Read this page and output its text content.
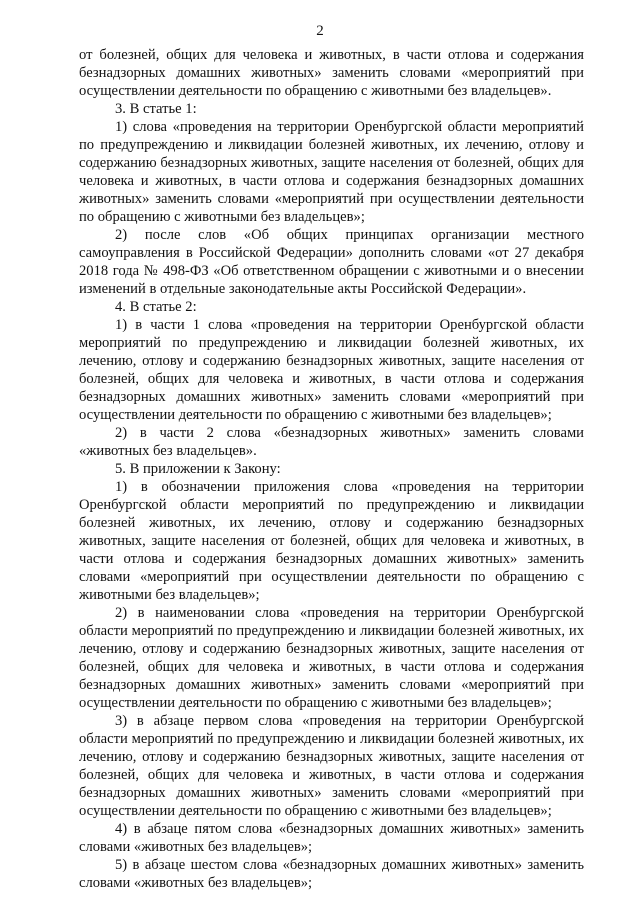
2

от болезней, общих для человека и животных, в части отлова и содержания безнадзорных домашних животных» заменить словами «мероприятий при осуществлении деятельности по обращению с животными без владельцев».

3. В статье 1:

1) слова «проведения на территории Оренбургской области мероприятий по предупреждению и ликвидации болезней животных, их лечению, отлову и содержанию безнадзорных животных, защите населения от болезней, общих для человека и животных, в части отлова и содержания безнадзорных домашних животных» заменить словами «мероприятий при осуществлении деятельности по обращению с животными без владельцев»;

2) после слов «Об общих принципах организации местного самоуправления в Российской Федерации» дополнить словами «от 27 декабря 2018 года № 498-ФЗ «Об ответственном обращении с животными и о внесении изменений в отдельные законодательные акты Российской Федерации».

4. В статье 2:

1) в части 1 слова «проведения на территории Оренбургской области мероприятий по предупреждению и ликвидации болезней животных, их лечению, отлову и содержанию безнадзорных животных, защите населения от болезней, общих для человека и животных, в части отлова и содержания безнадзорных домашних животных» заменить словами «мероприятий при осуществлении деятельности по обращению с животными без владельцев»;

2) в части 2 слова «безнадзорных животных» заменить словами «животных без владельцев».

5. В приложении к Закону:

1) в обозначении приложения слова «проведения на территории Оренбургской области мероприятий по предупреждению и ликвидации болезней животных, их лечению, отлову и содержанию безнадзорных животных, защите населения от болезней, общих для человека и животных, в части отлова и содержания безнадзорных домашних животных» заменить словами «мероприятий при осуществлении деятельности по обращению с животными без владельцев»;

2) в наименовании слова «проведения на территории Оренбургской области мероприятий по предупреждению и ликвидации болезней животных, их лечению, отлову и содержанию безнадзорных животных, защите населения от болезней, общих для человека и животных, в части отлова и содержания безнадзорных домашних животных» заменить словами «мероприятий при осуществлении деятельности по обращению с животными без владельцев»;

3) в абзаце первом слова «проведения на территории Оренбургской области мероприятий по предупреждению и ликвидации болезней животных, их лечению, отлову и содержанию безнадзорных животных, защите населения от болезней, общих для человека и животных, в части отлова и содержания безнадзорных домашних животных» заменить словами «мероприятий при осуществлении деятельности по обращению с животными без владельцев»;

4) в абзаце пятом слова «безнадзорных домашних животных» заменить словами «животных без владельцев»;

5) в абзаце шестом слова «безнадзорных домашних животных» заменить словами «животных без владельцев»;
